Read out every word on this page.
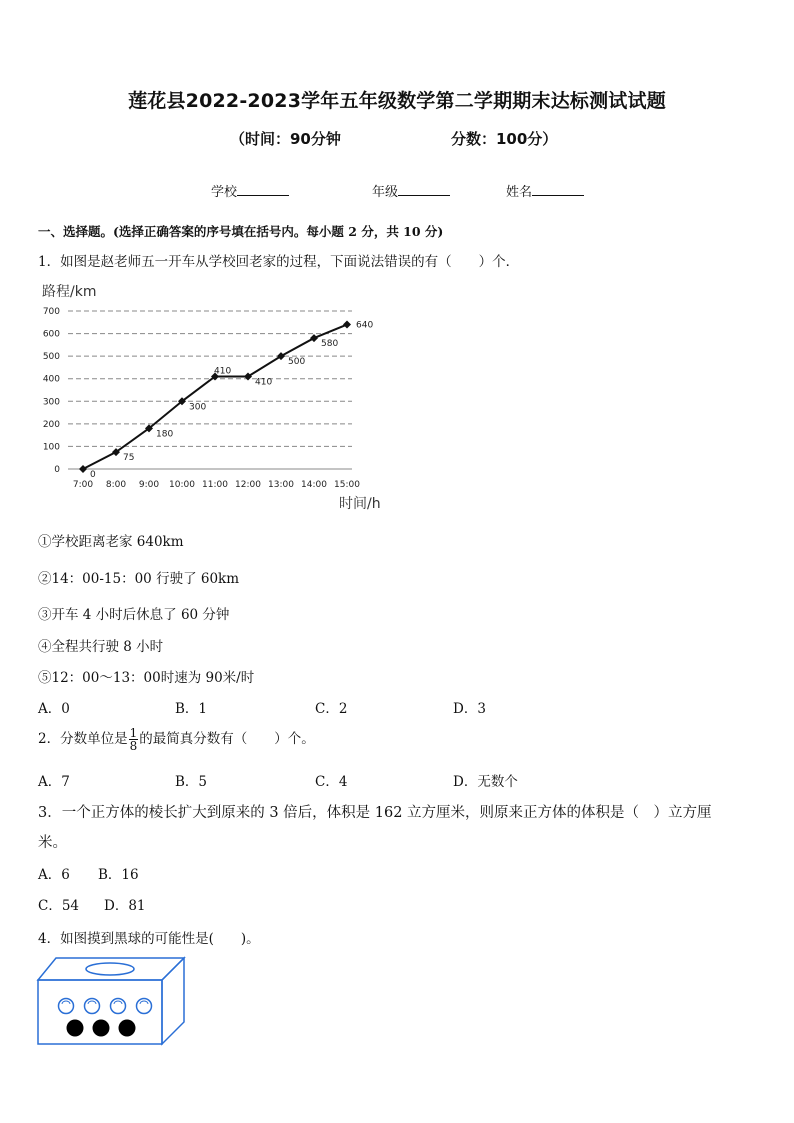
莲花县2022-2023学年五年级数学第二学期期末达标测试试题
（时间：90分钟	分数：100分）
学校	年级	姓名
一、选择题。(选择正确答案的序号填在括号内。每小题 2 分，共 10 分)
1．如图是赵老师五一开车从学校回老家的过程，下面说法错误的有（　　）个．
路程/km
时间/h
0
100
200
300
400
500
600
700
7:00 8:00 9:00 10:00 11:00 12:00 13:00 14:00 15:00
0
75
180
300
410
410
500
580
640
①学校距离老家 640km
②14：00-15：00 行驶了 60km
③开车 4 小时后休息了 60 分钟
④全程共行驶 8 小时
⑤12：00～13：00时速为 90米/时
A．0	B．1	C．2	D．3
2．分数单位是 $\frac{1}{8}$ 的最简真分数有（　　）个。
A．7	B．5	C．4	D．无数个
3．一个正方体的棱长扩大到原来的 3 倍后，体积是 162 立方厘米，则原来正方体的体积是（　）立方厘
米。
A．6 B．16
C．54 D．81
4．如图摸到黑球的可能性是(　　)。
